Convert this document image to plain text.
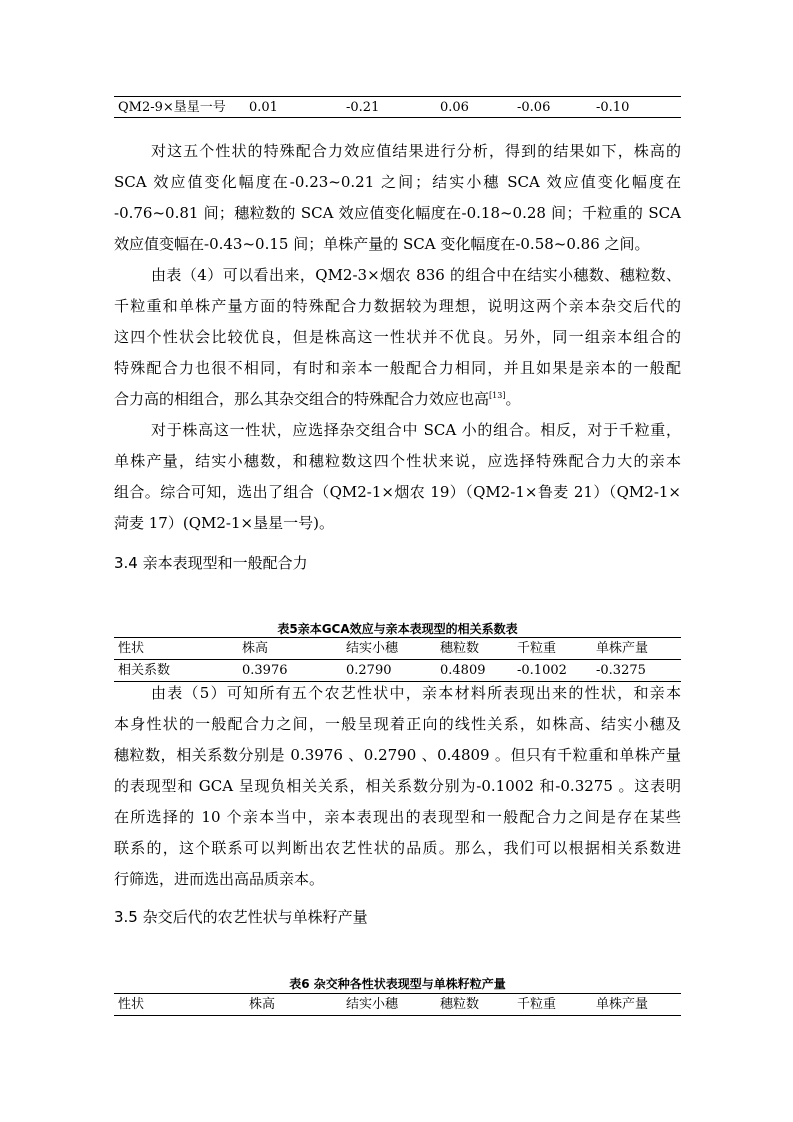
QM2-9×垦星一号 0.01	-0.21	0.06	-0.06	-0.10
对这五个性状的特殊配合力效应值结果进行分析，得到的结果如下，株高的
SCA 效应值变化幅度在-0.23~0.21 之间；结实小穗 SCA 效应值变化幅度在
-0.76~0.81 间；穗粒数的 SCA 效应值变化幅度在-0.18~0.28 间；千粒重的 SCA
效应值变幅在-0.43~0.15 间；单株产量的 SCA 变化幅度在-0.58~0.86 之间。
由表（4）可以看出来，QM2-3×烟农 836 的组合中在结实小穗数、穗粒数、
千粒重和单株产量方面的特殊配合力数据较为理想，说明这两个亲本杂交后代的
这四个性状会比较优良，但是株高这一性状并不优良。另外，同一组亲本组合的
特殊配合力也很不相同，有时和亲本一般配合力相同，并且如果是亲本的一般配
合力高的相组合，那么其杂交组合的特殊配合力效应也高[13]。
对于株高这一性状，应选择杂交组合中 SCA 小的组合。相反，对于千粒重，
单株产量，结实小穗数，和穗粒数这四个性状来说，应选择特殊配合力大的亲本
组合。综合可知，选出了组合（QM2-1×烟农 19）（QM2-1×鲁麦 21）（QM2-1×
菏麦 17）(QM2-1×垦星一号)。
3.4 亲本表现型和一般配合力
表5亲本GCA效应与亲本表现型的相关系数表
性状	株高	结实小穗	穗粒数	千粒重	单株产量
相关系数	0.3976	0.2790	0.4809 -0.1002 -0.3275
由表（5）可知所有五个农艺性状中，亲本材料所表现出来的性状，和亲本
本身性状的一般配合力之间，一般呈现着正向的线性关系，如株高、结实小穗及
穗粒数，相关系数分别是 0.3976 、0.2790 、0.4809 。但只有千粒重和单株产量
的表现型和 GCA 呈现负相关关系，相关系数分别为-0.1002 和-0.3275 。这表明
在所选择的 10 个亲本当中，亲本表现出的表现型和一般配合力之间是存在某些
联系的，这个联系可以判断出农艺性状的品质。那么，我们可以根据相关系数进
行筛选，进而选出高品质亲本。
3.5 杂交后代的农艺性状与单株籽产量
表6 杂交种各性状表现型与单株籽粒产量
性状	株高	结实小穗	穗粒数	千粒重	单株产量
